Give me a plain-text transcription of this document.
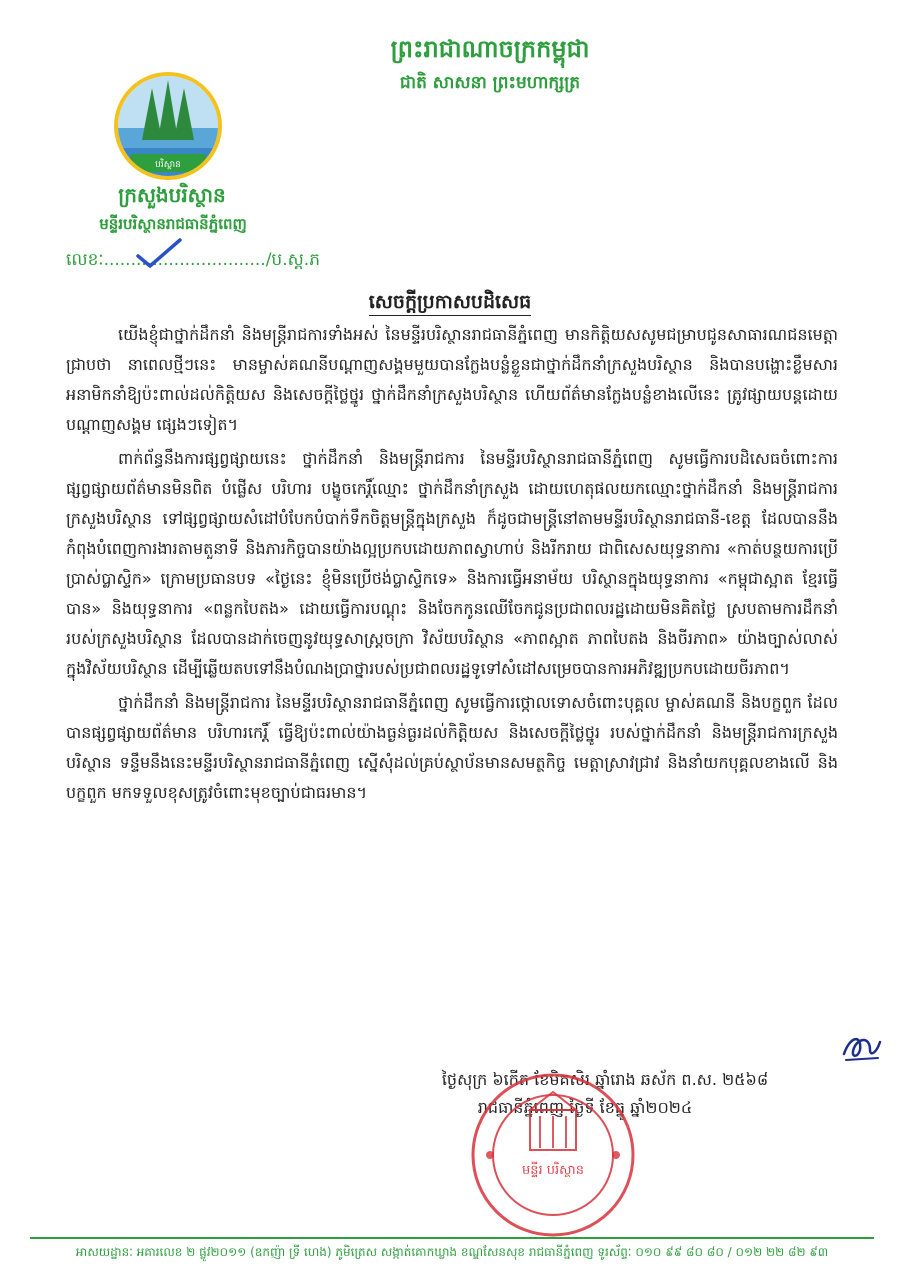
បរិស្ថាន
ព្រះរាជាណាចក្រកម្ពុជា
ជាតិ សាសនា ព្រះមហាក្សត្រ
ក្រសួងបរិស្ថាន
មន្ទីរបរិស្ថានរាជធានីភ្នំពេញ
លេខៈ............................../ប.ស្ត.ភ
សេចក្តីប្រកាសបដិសេធ

យើងខ្ញុំជាថ្នាក់ដឹកនាំ និងមន្ត្រីរាជការទាំងអស់ នៃមន្ទីរបរិស្ថានរាជធានីភ្នំពេញ មានកិត្តិយសសូមជម្រាបជូនសាធារណជនមេត្តាជ្រាបថា នាពេលថ្មីៗនេះ មានម្ចាស់គណនីបណ្ដាញសង្គមមួយបានក្លែងបន្លំខ្លួនជាថ្នាក់ដឹកនាំក្រសួងបរិស្ថាន និងបានបង្ហោះខ្លឹមសារអនាមិកនាំឱ្យប៉ះពាល់ដល់កិត្តិយស និងសេចក្តីថ្លៃថ្នូរ ថ្នាក់ដឹកនាំក្រសួងបរិស្ថាន ហើយព័ត៌មានក្លែងបន្លំខាងលើនេះ ត្រូវផ្សាយបន្តដោយបណ្ដាញសង្គម ផ្សេងៗទៀត។

ពាក់ព័ន្ធនឹងការផ្សព្វផ្សាយនេះ ថ្នាក់ដឹកនាំ និងមន្ត្រីរាជការ នៃមន្ទីរបរិស្ថានរាជធានីភ្នំពេញ សូមធ្វើការបដិសេធចំពោះការផ្សព្វផ្សាយព័ត៌មានមិនពិត បំផ្លើស បរិហារ បង្ខូចកេរ្តិ៍ឈ្មោះ ថ្នាក់ដឹកនាំក្រសួង ដោយហេតុផលយកឈ្មោះថ្នាក់ដឹកនាំ និងមន្ត្រីរាជការក្រសួងបរិស្ថាន ទៅផ្សព្វផ្សាយសំដៅបំបែកបំបាក់ទឹកចិត្តមន្ត្រីក្នុងក្រសួង ក៏ដូចជាមន្ត្រីនៅតាមមន្ទីរបរិស្ថានរាជធានី-ខេត្ត ដែលបាននឹងកំពុងបំពេញការងារតាមតួនាទី និងភារកិច្ចបានយ៉ាងល្អប្រកបដោយភាពស្វាហាប់ និងរីករាយ ជាពិសេសយុទ្ធនាការ «កាត់បន្ថយការប្រើប្រាស់ប្លាស្ទិក» ក្រោមប្រធានបទ «ថ្ងៃនេះ ខ្ញុំមិនប្រើថង់ប្លាស្ទិកទេ» និងការធ្វើអនាម័យ បរិស្ថានក្នុងយុទ្ធនាការ «កម្ពុជាស្អាត ខ្មែរធ្វើបាន» និងយុទ្ធនាការ «ពន្លកបៃតង» ដោយធ្វើការបណ្ដុះ និងចែកកូនឈើចែកជូនប្រជាពលរដ្ឋដោយមិនគិតថ្លៃ ស្របតាមការដឹកនាំរបស់ក្រសួងបរិស្ថាន ដែលបានដាក់ចេញនូវយុទ្ធសាស្ត្រចក្រា វិស័យបរិស្ថាន «ភាពស្អាត ភាពបៃតង និងចីរភាព» យ៉ាងច្បាស់លាស់ ក្នុងវិស័យបរិស្ថាន ដើម្បីឆ្លើយតបទៅនឹងបំណងប្រាថ្នារបស់ប្រជាពលរដ្ឋទូទៅសំដៅសម្រេចបានការអភិវឌ្ឍប្រកបដោយចីរភាព។

ថ្នាក់ដឹកនាំ និងមន្ត្រីរាជការ នៃមន្ទីរបរិស្ថានរាជធានីភ្នំពេញ សូមធ្វើការថ្កោលទោសចំពោះបុគ្គល ម្ចាស់គណនី និងបក្ខពួក ដែលបានផ្សព្វផ្សាយព័ត៌មាន បរិហារកេរ្តិ៍ ធ្វើឱ្យប៉ះពាល់យ៉ាងធ្ងន់ធ្ងរដល់កិត្តិយស និងសេចក្តីថ្លៃថ្នូរ របស់ថ្នាក់ដឹកនាំ និងមន្ត្រីរាជការក្រសួងបរិស្ថាន ទន្ទឹមនឹងនេះមន្ទីរបរិស្ថានរាជធានីភ្នំពេញ ស្នើសុំដល់គ្រប់ស្ថាប័នមានសមត្ថកិច្ច មេត្តាស្រាវជ្រាវ និងនាំយកបុគ្គលខាងលើ និងបក្ខពួក មកទទួលខុសត្រូវចំពោះមុខច្បាប់ជាធរមាន។

ថ្ងៃសុក្រ ៦កើត ខែមិគសិរ ឆ្នាំរោង ឆស័ក ព.ស. ២៥៦៨
រាជធានីភ្នំពេញ ថ្ងៃទី ខែធ្នូ ឆ្នាំ២០២៤
មន្ទីរ បរិស្ថាន
អាសយដ្ឋានៈ អគារលេខ ២ ផ្លូវ២០១១ (ឧកញ៉ា ទ្រី ហេង) ភូមិត្រេស សង្កាត់គោកឃ្លាង ខណ្ឌសែនសុខ រាជធានីភ្នំពេញ ទូរស័ព្ទៈ ០១០ ៩៩ ៨០ ៨០ / ០១២ ២២ ៨២ ៩៣
